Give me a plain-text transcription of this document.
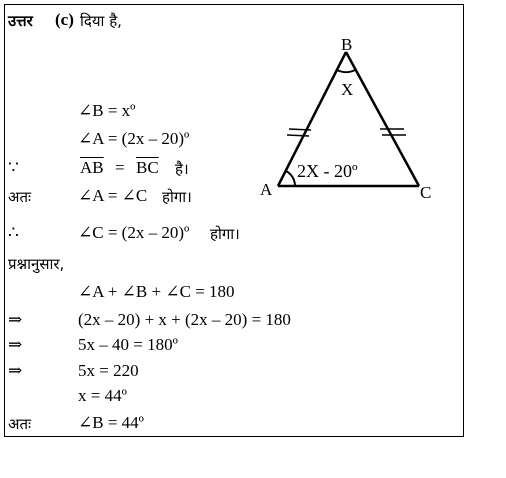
उत्तर (c) दिया है,
∠B = xº
∠A = (2x – 20)º
∵	$\overline{AB} = \overline{BC}$ है।
अतः	∠A = ∠C होगा।
∴	∠C = (2x – 20)º होगा।
B
X
A	C
2X - 20º
प्रश्नानुसार,
∠A + ∠B + ∠C = 180
⇒	(2x – 20) + x + (2x – 20) = 180
⇒	5x – 40 = 180º
⇒	5x = 220
x = 44º
अतः	∠B = 44º
